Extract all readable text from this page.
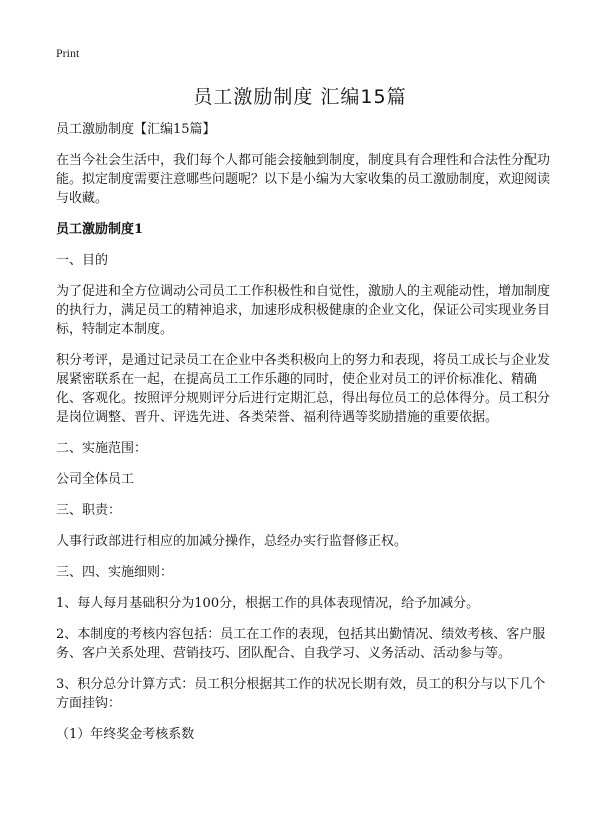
Print
员工激励制度 汇编15篇

员工激励制度【汇编15篇】

在当今社会生活中，我们每个人都可能会接触到制度，制度具有合理性和合法性分配功能。拟定制度需要注意哪些问题呢？以下是小编为大家收集的员工激励制度，欢迎阅读与收藏。

员工激励制度1

一、目的

为了促进和全方位调动公司员工工作积极性和自觉性，激励人的主观能动性，增加制度的执行力，满足员工的精神追求，加速形成积极健康的企业文化，保证公司实现业务目标，特制定本制度。

积分考评，是通过记录员工在企业中各类积极向上的努力和表现，将员工成长与企业发展紧密联系在一起，在提高员工工作乐趣的同时，使企业对员工的评价标准化、精确化、客观化。按照评分规则评分后进行定期汇总，得出每位员工的总体得分。员工积分是岗位调整、晋升、评选先进、各类荣誉、福利待遇等奖励措施的重要依据。

二、实施范围：

公司全体员工

三、职责：

人事行政部进行相应的加减分操作，总经办实行监督修正权。

三、四、实施细则：

1、每人每月基础积分为100分，根据工作的具体表现情况，给予加减分。

2、本制度的考核内容包括：员工在工作的表现，包括其出勤情况、绩效考核、客户服务、客户关系处理、营销技巧、团队配合、自我学习、义务活动、活动参与等。

3、积分总分计算方式：员工积分根据其工作的状况长期有效，员工的积分与以下几个方面挂钩：

（1）年终奖金考核系数
